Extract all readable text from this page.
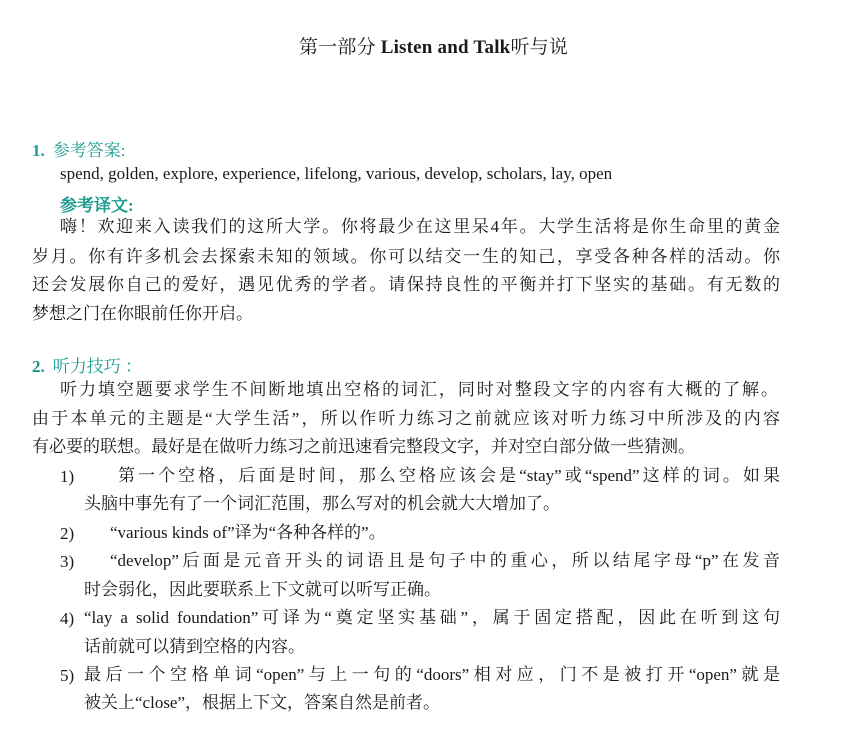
第一部分 Listen and Talk听与说
1. 参考答案:
spend, golden, explore, experience, lifelong, various, develop, scholars, lay, open
参考译文:
嗨！欢迎来入读我们的这所大学。你将最少在这里呆4年。大学生活将是你生命里的黄金
岁月。你有许多机会去探索未知的领域。你可以结交一生的知己，享受各种各样的活动。你
还会发展你自己的爱好，遇见优秀的学者。请保持良性的平衡并打下坚实的基础。有无数的
梦想之门在你眼前任你开启。
2. 听力技巧 ：
听力填空题要求学生不间断地填出空格的词汇，同时对整段文字的内容有大概的了解。
由于本单元的主题是“大学生活”，所以作听力练习之前就应该对听力练习中所涉及的内容
有必要的联想。最好是在做听力练习之前迅速看完整段文字，并对空白部分做一些猜测。
1)	第一个空格，后面是时间，那么空格应该会是“stay”或“spend”这样的词。如果
头脑中事先有了一个词汇范围，那么写对的机会就大大增加了。
2) “various kinds of”译为“各种各样的”。
3) “develop”后面是元音开头的词语且是句子中的重心，所以结尾字母“p”在发音
时会弱化，因此要联系上下文就可以听写正确。
4) “lay a solid foundation”可译为“奠定坚实基础”，属于固定搭配，因此在听到这句
话前就可以猜到空格的内容。
5) 最后一个空格单词“open”与上一句的“doors”相对应，门不是被打开“open”就是
被关上“close”，根据上下文，答案自然是前者。
